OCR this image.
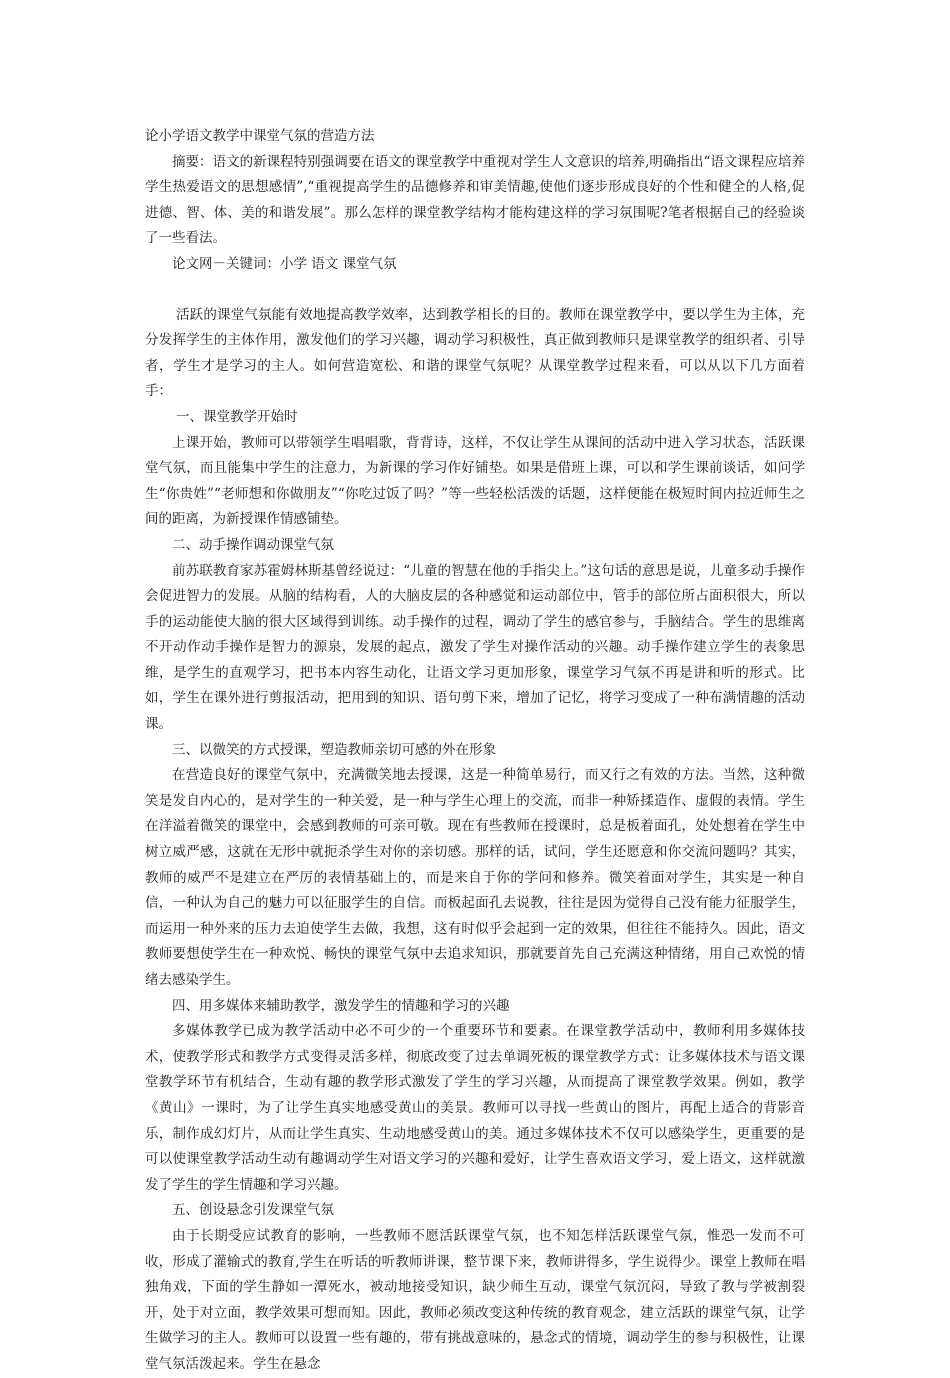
论小学语文教学中课堂气氛的营造方法

摘要：语文的新课程特别强调要在语文的课堂教学中重视对学生人文意识的培养,明确指出“语文课程应培养学生热爱语文的思想感情”,“重视提高学生的品德修养和审美情趣,使他们逐步形成良好的个性和健全的人格,促进德、智、体、美的和谐发展”。那么怎样的课堂教学结构才能构建这样的学习氛围呢?笔者根据自己的经验谈了一些看法。

论文网－关键词：小学 语文 课堂气氛

活跃的课堂气氛能有效地提高教学效率，达到教学相长的目的。教师在课堂教学中，要以学生为主体，充分发挥学生的主体作用，激发他们的学习兴趣，调动学习积极性，真正做到教师只是课堂教学的组织者、引导者，学生才是学习的主人。如何营造宽松、和谐的课堂气氛呢？从课堂教学过程来看，可以从以下几方面着手：

一、课堂教学开始时

上课开始，教师可以带领学生唱唱歌，背背诗，这样，不仅让学生从课间的活动中进入学习状态，活跃课堂气氛，而且能集中学生的注意力，为新课的学习作好铺垫。如果是借班上课，可以和学生课前谈话，如问学生“你贵姓”“老师想和你做朋友”“你吃过饭了吗？”等一些轻松活泼的话题，这样便能在极短时间内拉近师生之间的距离，为新授课作情感铺垫。

二、动手操作调动课堂气氛

前苏联教育家苏霍姆林斯基曾经说过：“儿童的智慧在他的手指尖上。”这句话的意思是说，儿童多动手操作会促进智力的发展。从脑的结构看，人的大脑皮层的各种感觉和运动部位中，管手的部位所占面积很大，所以手的运动能使大脑的很大区域得到训练。动手操作的过程，调动了学生的感官参与，手脑结合。学生的思维离不开动作动手操作是智力的源泉，发展的起点，激发了学生对操作活动的兴趣。动手操作建立学生的表象思维，是学生的直观学习，把书本内容生动化，让语文学习更加形象，课堂学习气氛不再是讲和听的形式。比如，学生在课外进行剪报活动，把用到的知识、语句剪下来，增加了记忆，将学习变成了一种布满情趣的活动课。

三、以微笑的方式授课，塑造教师亲切可感的外在形象

在营造良好的课堂气氛中，充满微笑地去授课，这是一种简单易行，而又行之有效的方法。当然，这种微笑是发自内心的，是对学生的一种关爱，是一种与学生心理上的交流，而非一种矫揉造作、虚假的表情。学生在洋溢着微笑的课堂中，会感到教师的可亲可敬。现在有些教师在授课时，总是板着面孔，处处想着在学生中树立威严感，这就在无形中就扼杀学生对你的亲切感。那样的话，试问，学生还愿意和你交流问题吗？其实，教师的威严不是建立在严厉的表情基础上的，而是来自于你的学问和修养。微笑着面对学生，其实是一种自信，一种认为自己的魅力可以征服学生的自信。而板起面孔去说教，往往是因为觉得自己没有能力征服学生，而运用一种外来的压力去迫使学生去做，我想，这有时似乎会起到一定的效果，但往往不能持久。因此，语文教师要想使学生在一种欢悦、畅快的课堂气氛中去追求知识，那就要首先自己充满这种情绪，用自己欢悦的情绪去感染学生。

四、用多媒体来辅助教学，激发学生的情趣和学习的兴趣

多媒体教学已成为教学活动中必不可少的一个重要环节和要素。在课堂教学活动中，教师利用多媒体技术，使教学形式和教学方式变得灵活多样，彻底改变了过去单调死板的课堂教学方式：让多媒体技术与语文课堂教学环节有机结合，生动有趣的教学形式激发了学生的学习兴趣，从而提高了课堂教学效果。例如，教学《黄山》一课时，为了让学生真实地感受黄山的美景。教师可以寻找一些黄山的图片，再配上适合的背影音乐，制作成幻灯片，从而让学生真实、生动地感受黄山的美。通过多媒体技术不仅可以感染学生，更重要的是可以使课堂教学活动生动有趣调动学生对语文学习的兴趣和爱好，让学生喜欢语文学习，爱上语文，这样就激发了学生的学生情趣和学习兴趣。

五、创设悬念引发课堂气氛

由于长期受应试教育的影响，一些教师不愿活跃课堂气氛，也不知怎样活跃课堂气氛，惟恐一发而不可收，形成了灌输式的教育,学生在听话的听教师讲课，整节课下来，教师讲得多，学生说得少。课堂上教师在唱独角戏，下面的学生静如一潭死水，被动地接受知识，缺少师生互动，课堂气氛沉闷，导致了教与学被割裂开，处于对立面，教学效果可想而知。因此，教师必须改变这种传统的教育观念，建立活跃的课堂气氛，让学生做学习的主人。教师可以设置一些有趣的，带有挑战意味的，悬念式的情境，调动学生的参与积极性，让课堂气氛活泼起来。学生在悬念
